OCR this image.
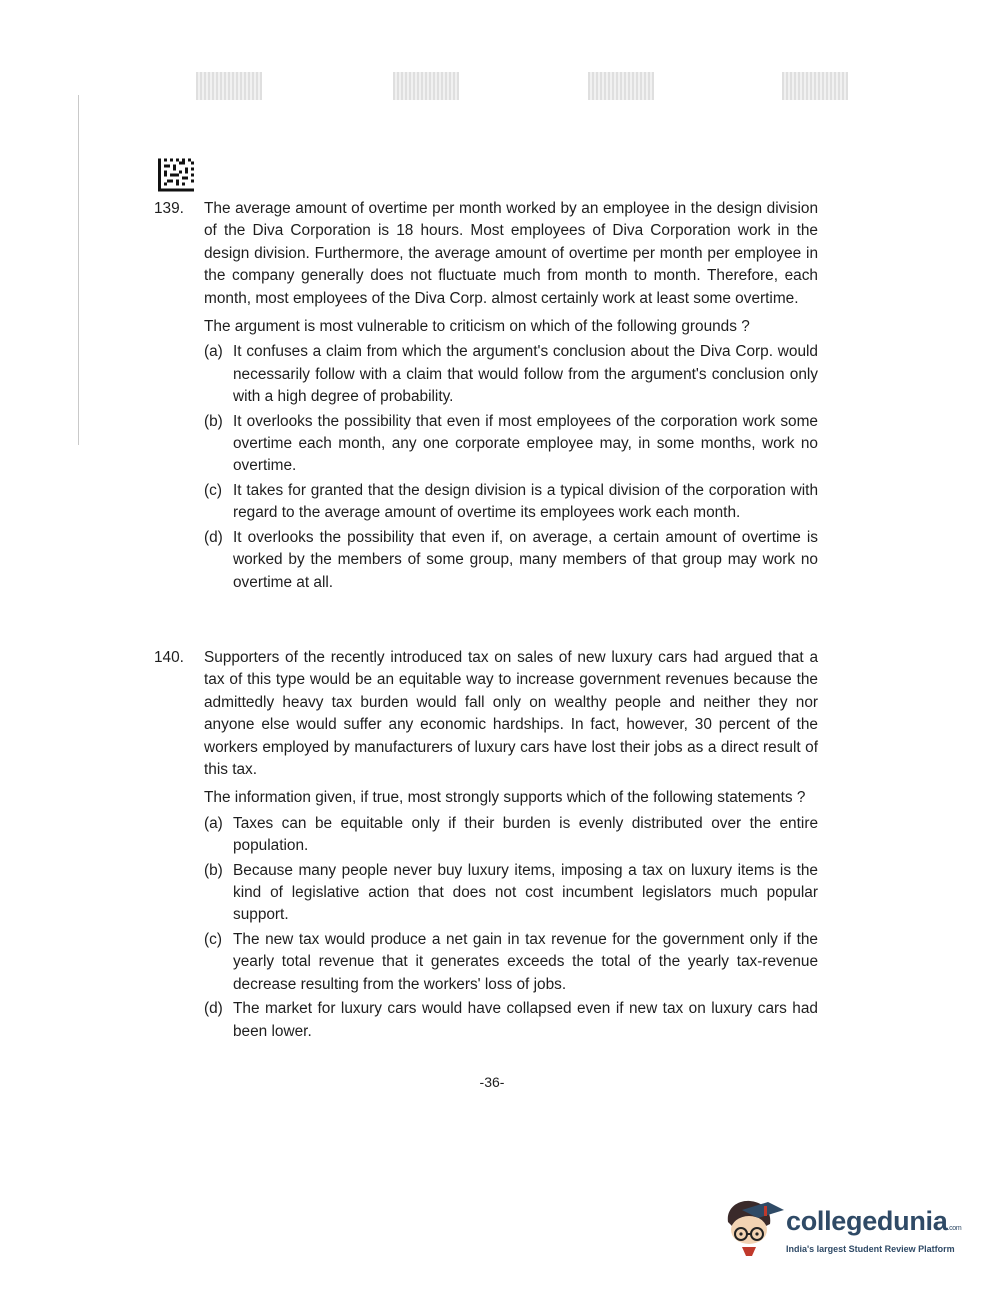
139. The average amount of overtime per month worked by an employee in the design division of the Diva Corporation is 18 hours. Most employees of Diva Corporation work in the design division. Furthermore, the average amount of overtime per month per employee in the company generally does not fluctuate much from month to month. Therefore, each month, most employees of the Diva Corp. almost certainly work at least some overtime.

The argument is most vulnerable to criticism on which of the following grounds ?

(a) It confuses a claim from which the argument's conclusion about the Diva Corp. would necessarily follow with a claim that would follow from the argument's conclusion only with a high degree of probability.
(b) It overlooks the possibility that even if most employees of the corporation work some overtime each month, any one corporate employee may, in some months, work no overtime.
(c) It takes for granted that the design division is a typical division of the corporation with regard to the average amount of overtime its employees work each month.
(d) It overlooks the possibility that even if, on average, a certain amount of overtime is worked by the members of some group, many members of that group may work no overtime at all.
140. Supporters of the recently introduced tax on sales of new luxury cars had argued that a tax of this type would be an equitable way to increase government revenues because the admittedly heavy tax burden would fall only on wealthy people and neither they nor anyone else would suffer any economic hardships. In fact, however, 30 percent of the workers employed by manufacturers of luxury cars have lost their jobs as a direct result of this tax.

The information given, if true, most strongly supports which of the following statements ?

(a) Taxes can be equitable only if their burden is evenly distributed over the entire population.
(b) Because many people never buy luxury items, imposing a tax on luxury items is the kind of legislative action that does not cost incumbent legislators much popular support.
(c) The new tax would produce a net gain in tax revenue for the government only if the yearly total revenue that it generates exceeds the total of the yearly tax-revenue decrease resulting from the workers' loss of jobs.
(d) The market for luxury cars would have collapsed even if new tax on luxury cars had been lower.
-36-
collegedunia.com
India's largest Student Review Platform
